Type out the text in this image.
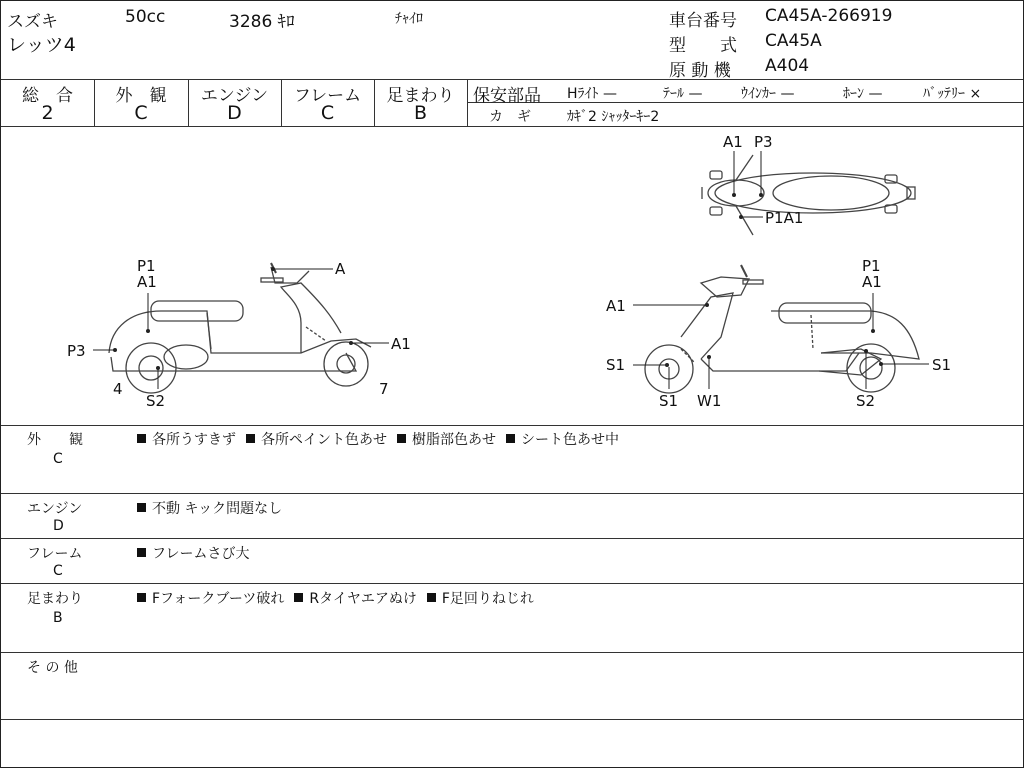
スズキ
レッツ4
50cc	3286 ｷﾛ	ﾁｬｲﾛ	車台番号 CA45A-266919
型　　式 CA45A
原 動 機 A404
総　合
2
外　観
C
エンジン
D
フレーム
C
足まわり
B
保安部品 Hﾗｲﾄ —	ﾃｰﾙ —	ｳｲﾝｶｰ —	ﾎｰﾝ —	ﾊﾞｯﾃﾘｰ ×
カ　ギ	ｶｷﾞ2 ｼｬｯﾀｰｷｰ2
A1 P3
P1A1
P1
A1
A
A1
P3
4
S2
7
A1
P1
A1
S1
S1 W1
S1
S2
外　　観
C
各所うすきず 各所ペイント色あせ 樹脂部色あせ シート色あせ中
エンジン
D
不動 キック問題なし
フレーム
C
フレームさび大
足まわり
B
Fフォークブーツ破れ Rタイヤエアぬけ F足回りねじれ
そ の 他
